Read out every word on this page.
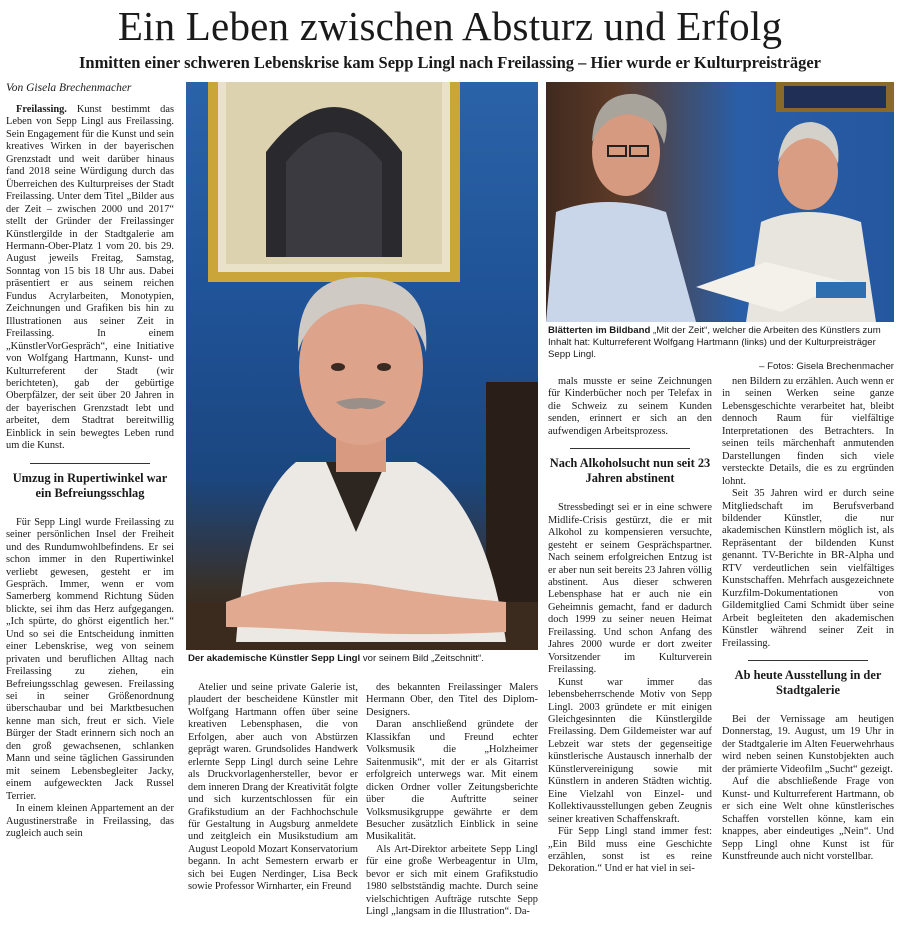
Ein Leben zwischen Absturz und Erfolg
Inmitten einer schweren Lebenskrise kam Sepp Lingl nach Freilassing – Hier wurde er Kulturpreisträger
Von Gisela Brechenmacher

Freilassing. Kunst bestimmt das Leben von Sepp Lingl aus Freilassing. Sein Engagement für die Kunst und sein kreatives Wirken in der bayerischen Grenzstadt und weit darüber hinaus fand 2018 seine Würdigung durch das Überreichen des Kulturpreises der Stadt Freilassing. Unter dem Titel „Bilder aus der Zeit – zwischen 2000 und 2017“ stellt der Gründer der Freilassinger Künstlergilde in der Stadtgalerie am Hermann-Ober-Platz 1 vom 20. bis 29. August jeweils Freitag, Samstag, Sonntag von 15 bis 18 Uhr aus. Dabei präsentiert er aus seinem reichen Fundus Acrylarbeiten, Monotypien, Zeichnungen und Grafiken bis hin zu Illustrationen aus seiner Zeit in Freilassing. In einem „KünstlerVorGespräch“, eine Initiative von Wolfgang Hartmann, Kunst- und Kulturreferent der Stadt (wir berichteten), gab der gebürtige Oberpfälzer, der seit über 20 Jahren in der bayerischen Grenzstadt lebt und arbeitet, dem Stadtrat bereitwillig Einblick in sein bewegtes Leben rund um die Kunst.

Umzug in Rupertiwinkel war ein Befreiungsschlag

Für Sepp Lingl wurde Freilassing zu seiner persönlichen Insel der Freiheit und des Rundumwohlbefindens. Er sei schon immer in den Rupertiwinkel verliebt gewesen, gesteht er im Gespräch. Immer, wenn er vom Samerberg kommend Richtung Süden blickte, sei ihm das Herz aufgegangen. „Ich spürte, do ghörst eigentlich her.“ Und so sei die Entscheidung inmitten einer Lebenskrise, weg von seinem privaten und beruflichen Alltag nach Freilassing zu ziehen, ein Befreiungsschlag gewesen. Freilassing sei in seiner Größenordnung überschaubar und bei Marktbesuchen kenne man sich, freut er sich. Viele Bürger der Stadt erinnern sich noch an den groß gewachsenen, schlanken Mann und seine täglichen Gassirunden mit seinem Lebensbegleiter Jacky, einem aufgeweckten Jack Russel Terrier.

In einem kleinen Appartement an der Augustinerstraße in Freilassing, das zugleich auch sein

Der akademische Künstler Sepp Lingl vor seinem Bild „Zeitschnitt“.

Atelier und seine private Galerie ist, plaudert der bescheidene Künstler mit Wolfgang Hartmann offen über seine kreativen Lebensphasen, die von Erfolgen, aber auch von Abstürzen geprägt waren. Grundsolides Handwerk erlernte Sepp Lingl durch seine Lehre als Druckvorlagenhersteller, bevor er dem inneren Drang der Kreativität folgte und sich kurzentschlossen für ein Grafikstudium an der Fachhochschule für Gestaltung in Augsburg anmeldete und zeitgleich ein Musikstudium am August Leopold Mozart Konservatorium begann. In acht Semestern erwarb er sich bei Eugen Nerdinger, Lisa Beck sowie Professor Wirnharter, ein Freund

des bekannten Freilassinger Malers Hermann Ober, den Titel des Diplom-Designers.

Daran anschließend gründete der Klassikfan und Freund echter Volksmusik die „Holzheimer Saitenmusik“, mit der er als Gitarrist erfolgreich unterwegs war. Mit einem dicken Ordner voller Zeitungsberichte über die Auftritte seiner Volksmusikgruppe gewährte er dem Besucher zusätzlich Einblick in seine Musikalität.

Als Art-Direktor arbeitete Sepp Lingl für eine große Werbeagentur in Ulm, bevor er sich mit einem Grafikstudio 1980 selbstständig machte. Durch seine vielschichtigen Aufträge rutschte Sepp Lingl „langsam in die Illustration“. Da-

Blätterten im Bildband „Mit der Zeit“, welcher die Arbeiten des Künstlers zum Inhalt hat: Kulturreferent Wolfgang Hartmann (links) und der Kulturpreisträger Sepp Lingl.
– Fotos: Gisela Brechenmacher

mals musste er seine Zeichnungen für Kinderbücher noch per Telefax in die Schweiz zu seinem Kunden senden, erinnert er sich an den aufwendigen Arbeitsprozess.

Nach Alkoholsucht nun seit 23 Jahren abstinent

Stressbedingt sei er in eine schwere Midlife-Crisis gestürzt, die er mit Alkohol zu kompensieren versuchte, gesteht er seinem Gesprächspartner. Nach seinem erfolgreichen Entzug ist er aber nun seit bereits 23 Jahren völlig abstinent. Aus dieser schweren Lebensphase hat er auch nie ein Geheimnis gemacht, fand er dadurch doch 1999 zu seiner neuen Heimat Freilassing. Und schon Anfang des Jahres 2000 wurde er dort zweiter Vorsitzender im Kulturverein Freilassing.

Kunst war immer das lebensbeherrschende Motiv von Sepp Lingl. 2003 gründete er mit einigen Gleichgesinnten die Künstlergilde Freilassing. Dem Gildemeister war auf Lebzeit war stets der gegenseitige künstlerische Austausch innerhalb der Künstlervereinigung sowie mit Künstlern in anderen Städten wichtig. Eine Vielzahl von Einzel- und Kollektivausstellungen geben Zeugnis seiner kreativen Schaffenskraft.

Für Sepp Lingl stand immer fest: „Ein Bild muss eine Geschichte erzählen, sonst ist es reine Dekoration.“ Und er hat viel in sei-

nen Bildern zu erzählen. Auch wenn er in seinen Werken seine ganze Lebensgeschichte verarbeitet hat, bleibt dennoch Raum für vielfältige Interpretationen des Betrachters. In seinen teils märchenhaft anmutenden Darstellungen finden sich viele versteckte Details, die es zu ergründen lohnt.

Seit 35 Jahren wird er durch seine Mitgliedschaft im Berufsverband bildender Künstler, die nur akademischen Künstlern möglich ist, als Repräsentant der bildenden Kunst genannt. TV-Berichte in BR-Alpha und RTV verdeutlichen sein vielfältiges Kunstschaffen. Mehrfach ausgezeichnete Kurzfilm-Dokumentationen von Gildemitglied Cami Schmidt über seine Arbeit begleiteten den akademischen Künstler während seiner Zeit in Freilassing.

Ab heute Ausstellung in der Stadtgalerie

Bei der Vernissage am heutigen Donnerstag, 19. August, um 19 Uhr in der Stadtgalerie im Alten Feuerwehrhaus wird neben seinen Kunstobjekten auch der prämierte Videofilm „Sucht“ gezeigt.

Auf die abschließende Frage von Kunst- und Kulturreferent Hartmann, ob er sich eine Welt ohne künstlerisches Schaffen vorstellen könne, kam ein knappes, aber eindeutiges „Nein“. Und Sepp Lingl ohne Kunst ist für Kunstfreunde auch nicht vorstellbar.
